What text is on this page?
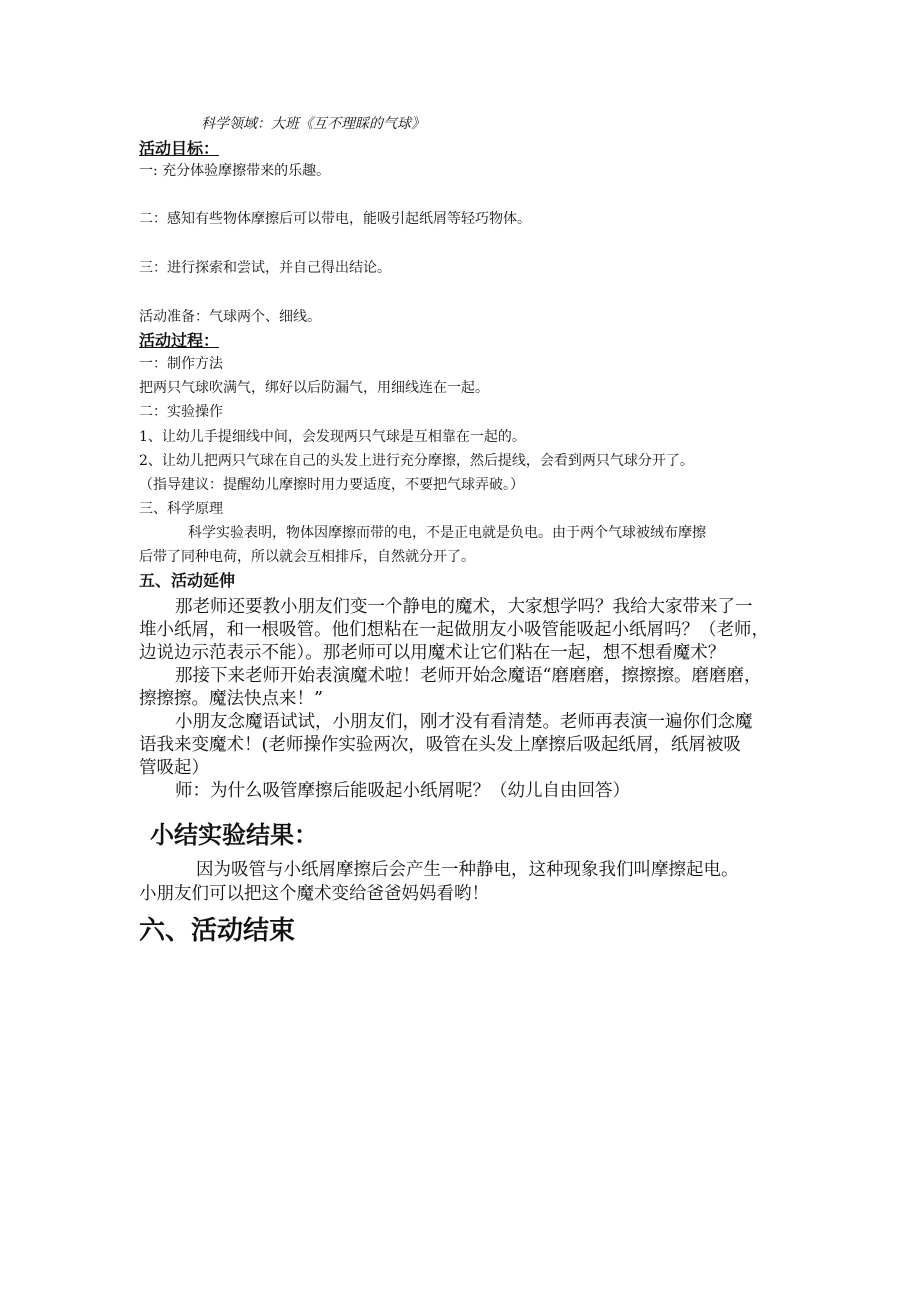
科学领域：大班《互不理睬的气球》
活动目标：
一: 充分体验摩擦带来的乐趣。
二：感知有些物体摩擦后可以带电，能吸引起纸屑等轻巧物体。
三：进行探索和尝试，并自己得出结论。
活动准备：气球两个、细线。
活动过程：
一：制作方法
把两只气球吹满气，绑好以后防漏气，用细线连在一起。
二：实验操作
1、让幼儿手提细线中间，会发现两只气球是互相靠在一起的。
2、让幼儿把两只气球在自己的头发上进行充分摩擦，然后提线，会看到两只气球分开了。
（指导建议：提醒幼儿摩擦时用力要适度，不要把气球弄破。）
三、科学原理
科学实验表明，物体因摩擦而带的电，不是正电就是负电。由于两个气球被绒布摩擦
后带了同种电荷，所以就会互相排斥，自然就分开了。
五、活动延伸
那老师还要教小朋友们变一个静电的魔术，大家想学吗？我给大家带来了一
堆小纸屑，和一根吸管。他们想粘在一起做朋友小吸管能吸起小纸屑吗？（老师，
边说边示范表示不能）。那老师可以用魔术让它们粘在一起，想不想看魔术？
那接下来老师开始表演魔术啦！老师开始念魔语“磨磨磨，擦擦擦。磨磨磨，
擦擦擦。魔法快点来！”
小朋友念魔语试试，小朋友们，刚才没有看清楚。老师再表演一遍你们念魔
语我来变魔术！(老师操作实验两次，吸管在头发上摩擦后吸起纸屑，纸屑被吸
管吸起）
师：为什么吸管摩擦后能吸起小纸屑呢？（幼儿自由回答）
小结实验结果：
因为吸管与小纸屑摩擦后会产生一种静电，这种现象我们叫摩擦起电。
小朋友们可以把这个魔术变给爸爸妈妈看哟！
六、活动结束
